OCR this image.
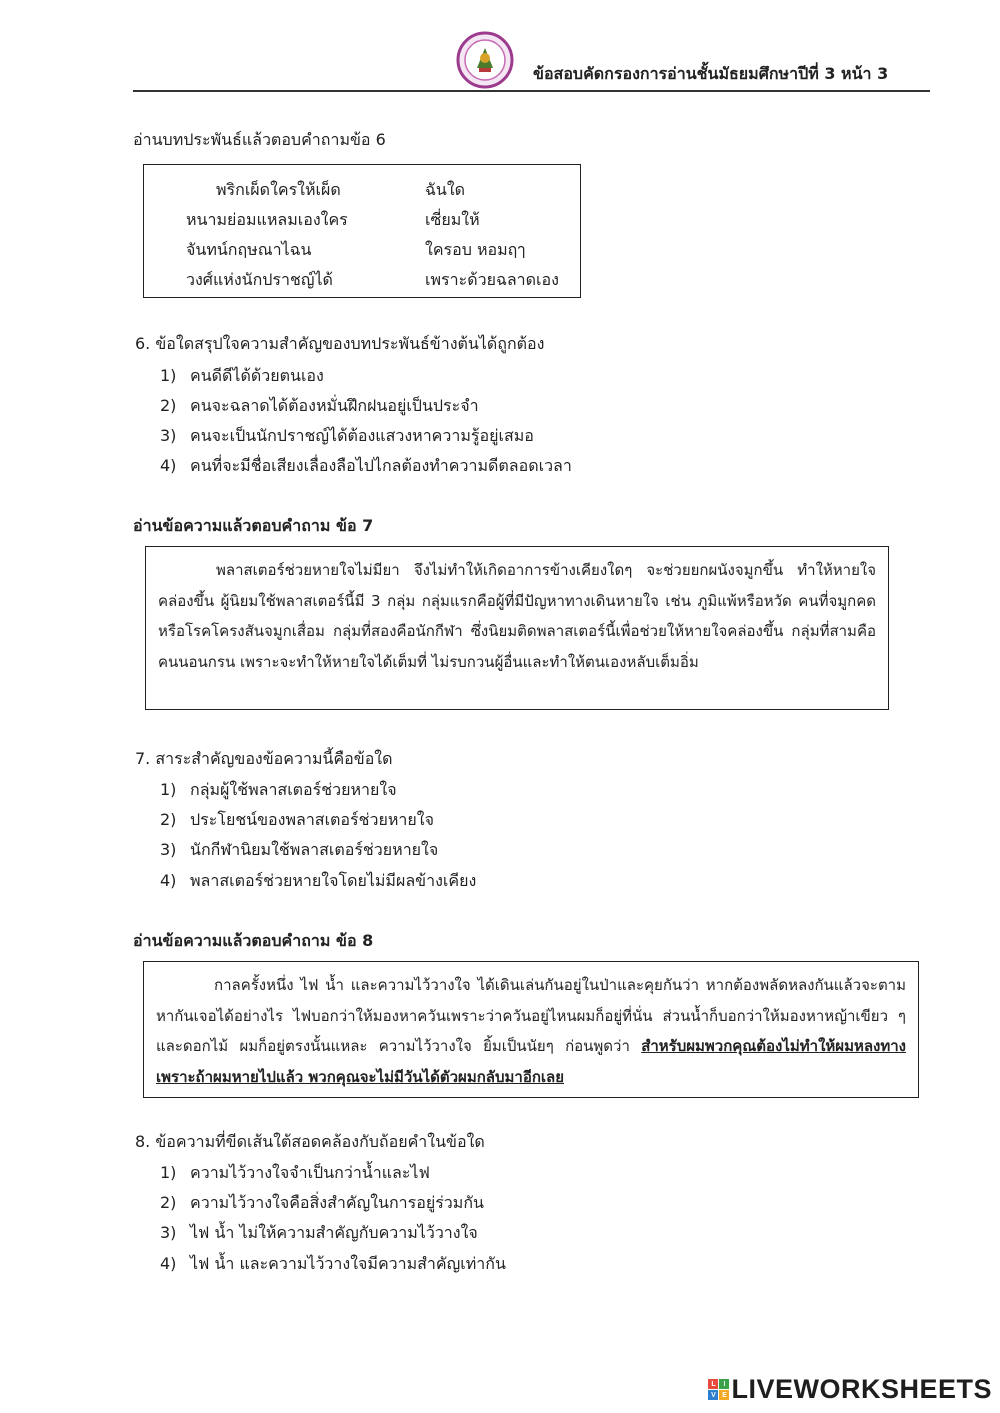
ข้อสอบคัดกรองการอ่านชั้นมัธยมศึกษาปีที่ 3 หน้า 3
อ่านบทประพันธ์แล้วตอบคำถามข้อ 6
พริกเผ็ดใครให้เผ็ด	ฉันใด
หนามย่อมแหลมเองใคร	เซี่ยมให้
จันทน์กฤษณาไฉน	ใครอบ หอมฤๅ
วงศ์แห่งนักปราชญ์ได้	เพราะด้วยฉลาดเอง
6. ข้อใดสรุปใจความสำคัญของบทประพันธ์ข้างต้นได้ถูกต้อง
1) คนดีดีได้ด้วยตนเอง
2) คนจะฉลาดได้ต้องหมั่นฝึกฝนอยู่เป็นประจำ
3) คนจะเป็นนักปราชญ์ได้ต้องแสวงหาความรู้อยู่เสมอ
4) คนที่จะมีชื่อเสียงเลื่องลือไปไกลต้องทำความดีตลอดเวลา
อ่านข้อความแล้วตอบคำถาม ข้อ 7
พลาสเตอร์ช่วยหายใจไม่มียา จึงไม่ทำให้เกิดอาการข้างเคียงใดๆ จะช่วยยกผนังจมูกขึ้น ทำให้หายใจคล่องขึ้น ผู้นิยมใช้พลาสเตอร์นี้มี 3 กลุ่ม กลุ่มแรกคือผู้ที่มีปัญหาทางเดินหายใจ เช่น ภูมิแพ้หรือหวัด คนที่จมูกคดหรือโรคโครงสันจมูกเสื่อม กลุ่มที่สองคือนักกีฬา ซึ่งนิยมติดพลาสเตอร์นี้เพื่อช่วยให้หายใจคล่องขึ้น กลุ่มที่สามคือคนนอนกรน เพราะจะทำให้หายใจได้เต็มที่ ไม่รบกวนผู้อื่นและทำให้ตนเองหลับเต็มอิ่ม
7. สาระสำคัญของข้อความนี้คือข้อใด
1) กลุ่มผู้ใช้พลาสเตอร์ช่วยหายใจ
2) ประโยชน์ของพลาสเตอร์ช่วยหายใจ
3) นักกีฬานิยมใช้พลาสเตอร์ช่วยหายใจ
4) พลาสเตอร์ช่วยหายใจโดยไม่มีผลข้างเคียง
อ่านข้อความแล้วตอบคำถาม ข้อ 8
กาลครั้งหนึ่ง ไฟ น้ำ และความไว้วางใจ ได้เดินเล่นกันอยู่ในป่าและคุยกันว่า หากต้องพลัดหลงกันแล้วจะตามหากันเจอได้อย่างไร ไฟบอกว่าให้มองหาควันเพราะว่าควันอยู่ไหนผมก็อยู่ที่นั่น ส่วนน้ำก็บอกว่าให้มองหาหญ้าเขียว ๆ และดอกไม้ ผมก็อยู่ตรงนั้นแหละ ความไว้วางใจ ยิ้มเป็นนัยๆ ก่อนพูดว่า สำหรับผมพวกคุณต้องไม่ทำให้ผมหลงทาง เพราะถ้าผมหายไปแล้ว พวกคุณจะไม่มีวันได้ตัวผมกลับมาอีกเลย
8. ข้อความที่ขีดเส้นใต้สอดคล้องกับถ้อยคำในข้อใด
1) ความไว้วางใจจำเป็นกว่าน้ำและไฟ
2) ความไว้วางใจคือสิ่งสำคัญในการอยู่ร่วมกัน
3) ไฟ น้ำ ไม่ให้ความสำคัญกับความไว้วางใจ
4) ไฟ น้ำ และความไว้วางใจมีความสำคัญเท่ากัน
L	I
V E LIVEWORKSHEETS
